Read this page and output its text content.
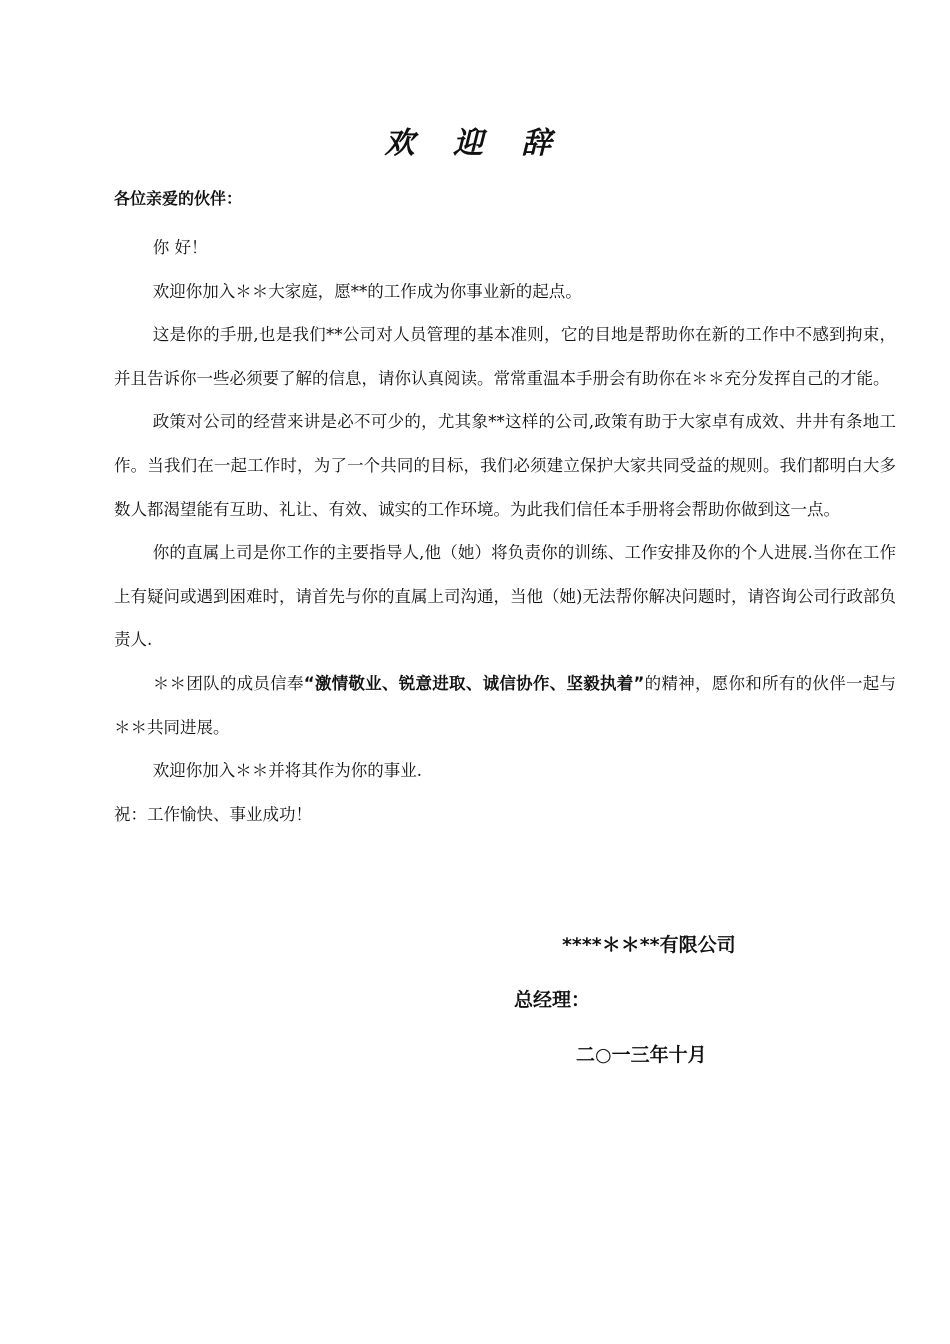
欢 迎 辞
各位亲爱的伙伴：

你 好！

欢迎你加入＊＊大家庭，愿**的工作成为你事业新的起点。

这是你的手册,也是我们**公司对人员管理的基本准则，它的目地是帮助你在新的工作中不感到拘束，并且告诉你一些必须要了解的信息，请你认真阅读。常常重温本手册会有助你在＊＊充分发挥自己的才能。

政策对公司的经营来讲是必不可少的，尤其象**这样的公司,政策有助于大家卓有成效、井井有条地工作。当我们在一起工作时，为了一个共同的目标，我们必须建立保护大家共同受益的规则。我们都明白大多数人都渴望能有互助、礼让、有效、诚实的工作环境。为此我们信任本手册将会帮助你做到这一点。

你的直属上司是你工作的主要指导人,他（她）将负责你的训练、工作安排及你的个人进展.当你在工作上有疑问或遇到困难时，请首先与你的直属上司沟通，当他（她)无法帮你解决问题时，请咨询公司行政部负责人.

＊＊团队的成员信奉“激情敬业、锐意进取、诚信协作、坚毅执着”的精神，愿你和所有的伙伴一起与＊＊共同进展。

欢迎你加入＊＊并将其作为你的事业.

祝：工作愉快、事业成功！

****＊＊**有限公司
总经理：
二○一三年十月
